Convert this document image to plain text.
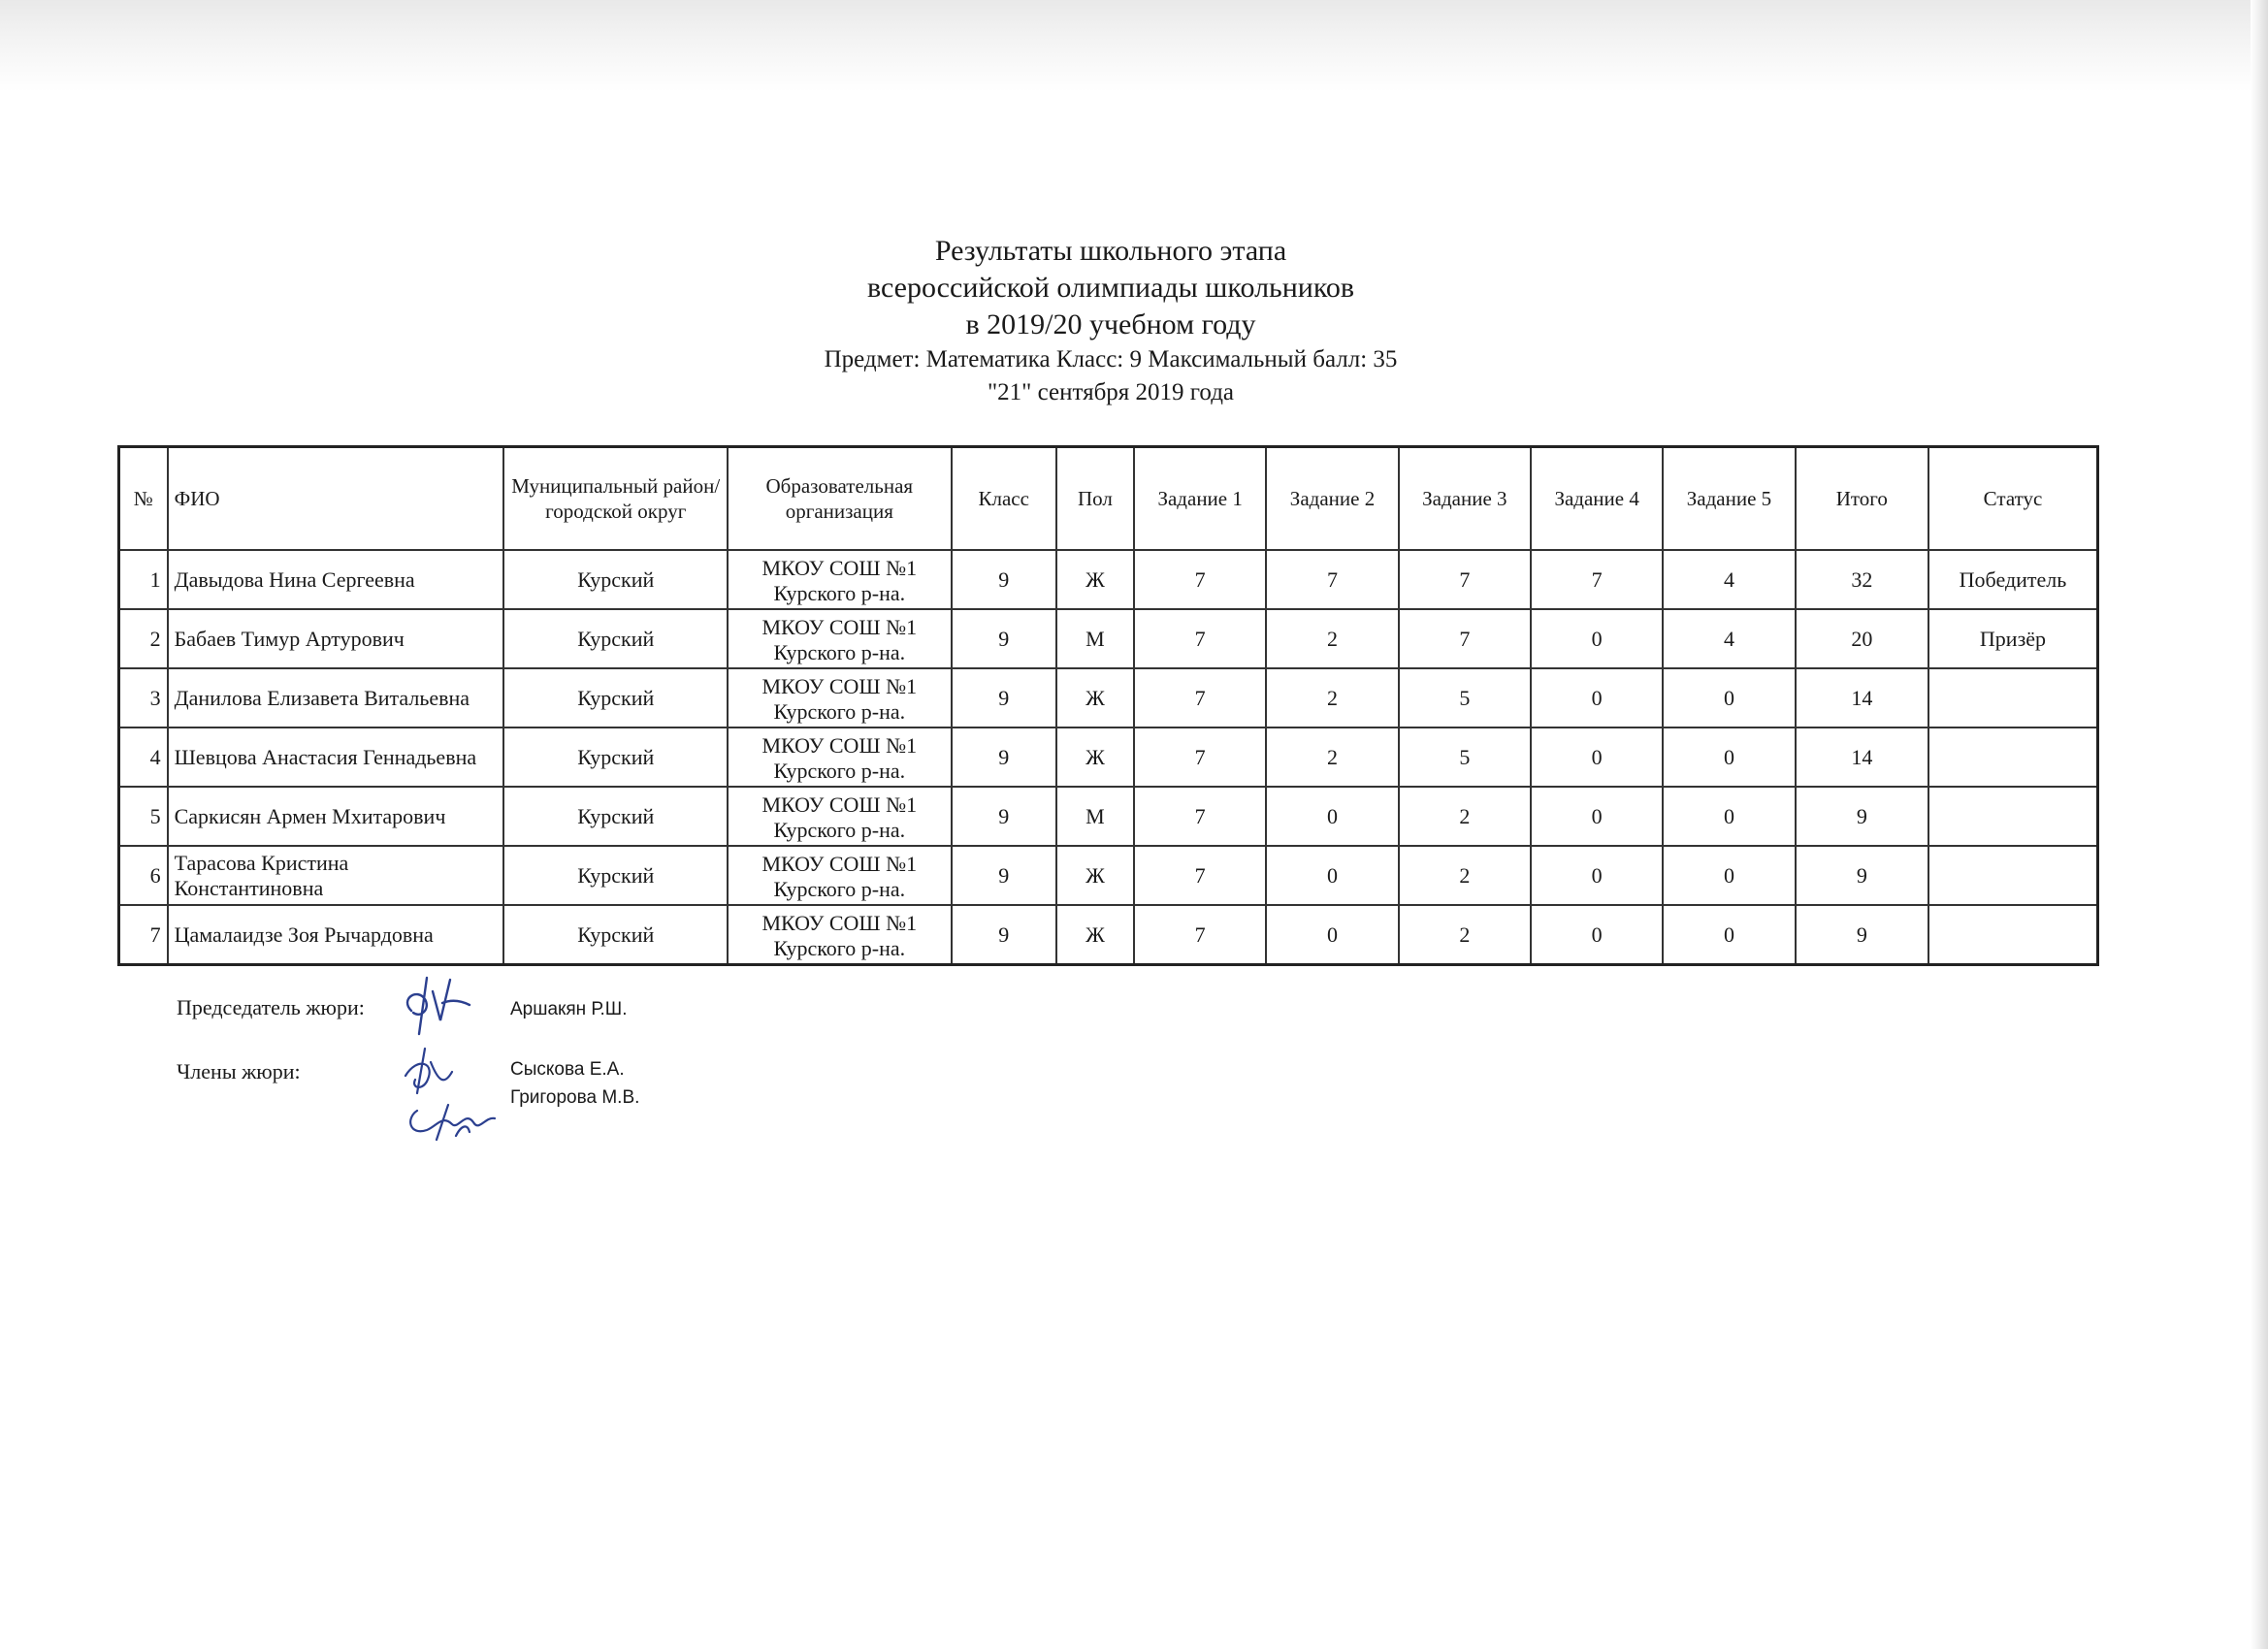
Результаты школьного этапа
всероссийской олимпиады школьников
в 2019/20 учебном году
Предмет: Математика Класс: 9 Максимальный балл: 35
"21" сентября 2019 года
№	ФИО	Муниципальный район/городской округ	Образовательная организация	Класс	Пол	Задание 1	Задание 2	Задание 3	Задание 4	Задание 5	Итого	Статус
1	Давыдова Нина Сергеевна	Курский	МКОУ СОШ №1 Курского р-на.	9	Ж	7	7	7	7	4	32	Победитель
2	Бабаев Тимур Артурович	Курский	МКОУ СОШ №1 Курского р-на.	9	М	7	2	7	0	4	20	Призёр
3	Данилова Елизавета Витальевна	Курский	МКОУ СОШ №1 Курского р-на.	9	Ж	7	2	5	0	0	14	
4	Шевцова Анастасия Геннадьевна	Курский	МКОУ СОШ №1 Курского р-на.	9	Ж	7	2	5	0	0	14	
5	Саркисян Армен Мхитарович	Курский	МКОУ СОШ №1 Курского р-на.	9	М	7	0	2	0	0	9	
6	Тарасова Кристина Константиновна	Курский	МКОУ СОШ №1 Курского р-на.	9	Ж	7	0	2	0	0	9	
7	Цамалаидзе Зоя Рычардовна	Курский	МКОУ СОШ №1 Курского р-на.	9	Ж	7	0	2	0	0	9	
Председатель жюри:	Аршакян Р.Ш.
Члены жюри:	Сыскова Е.А.
Григорова М.В.
